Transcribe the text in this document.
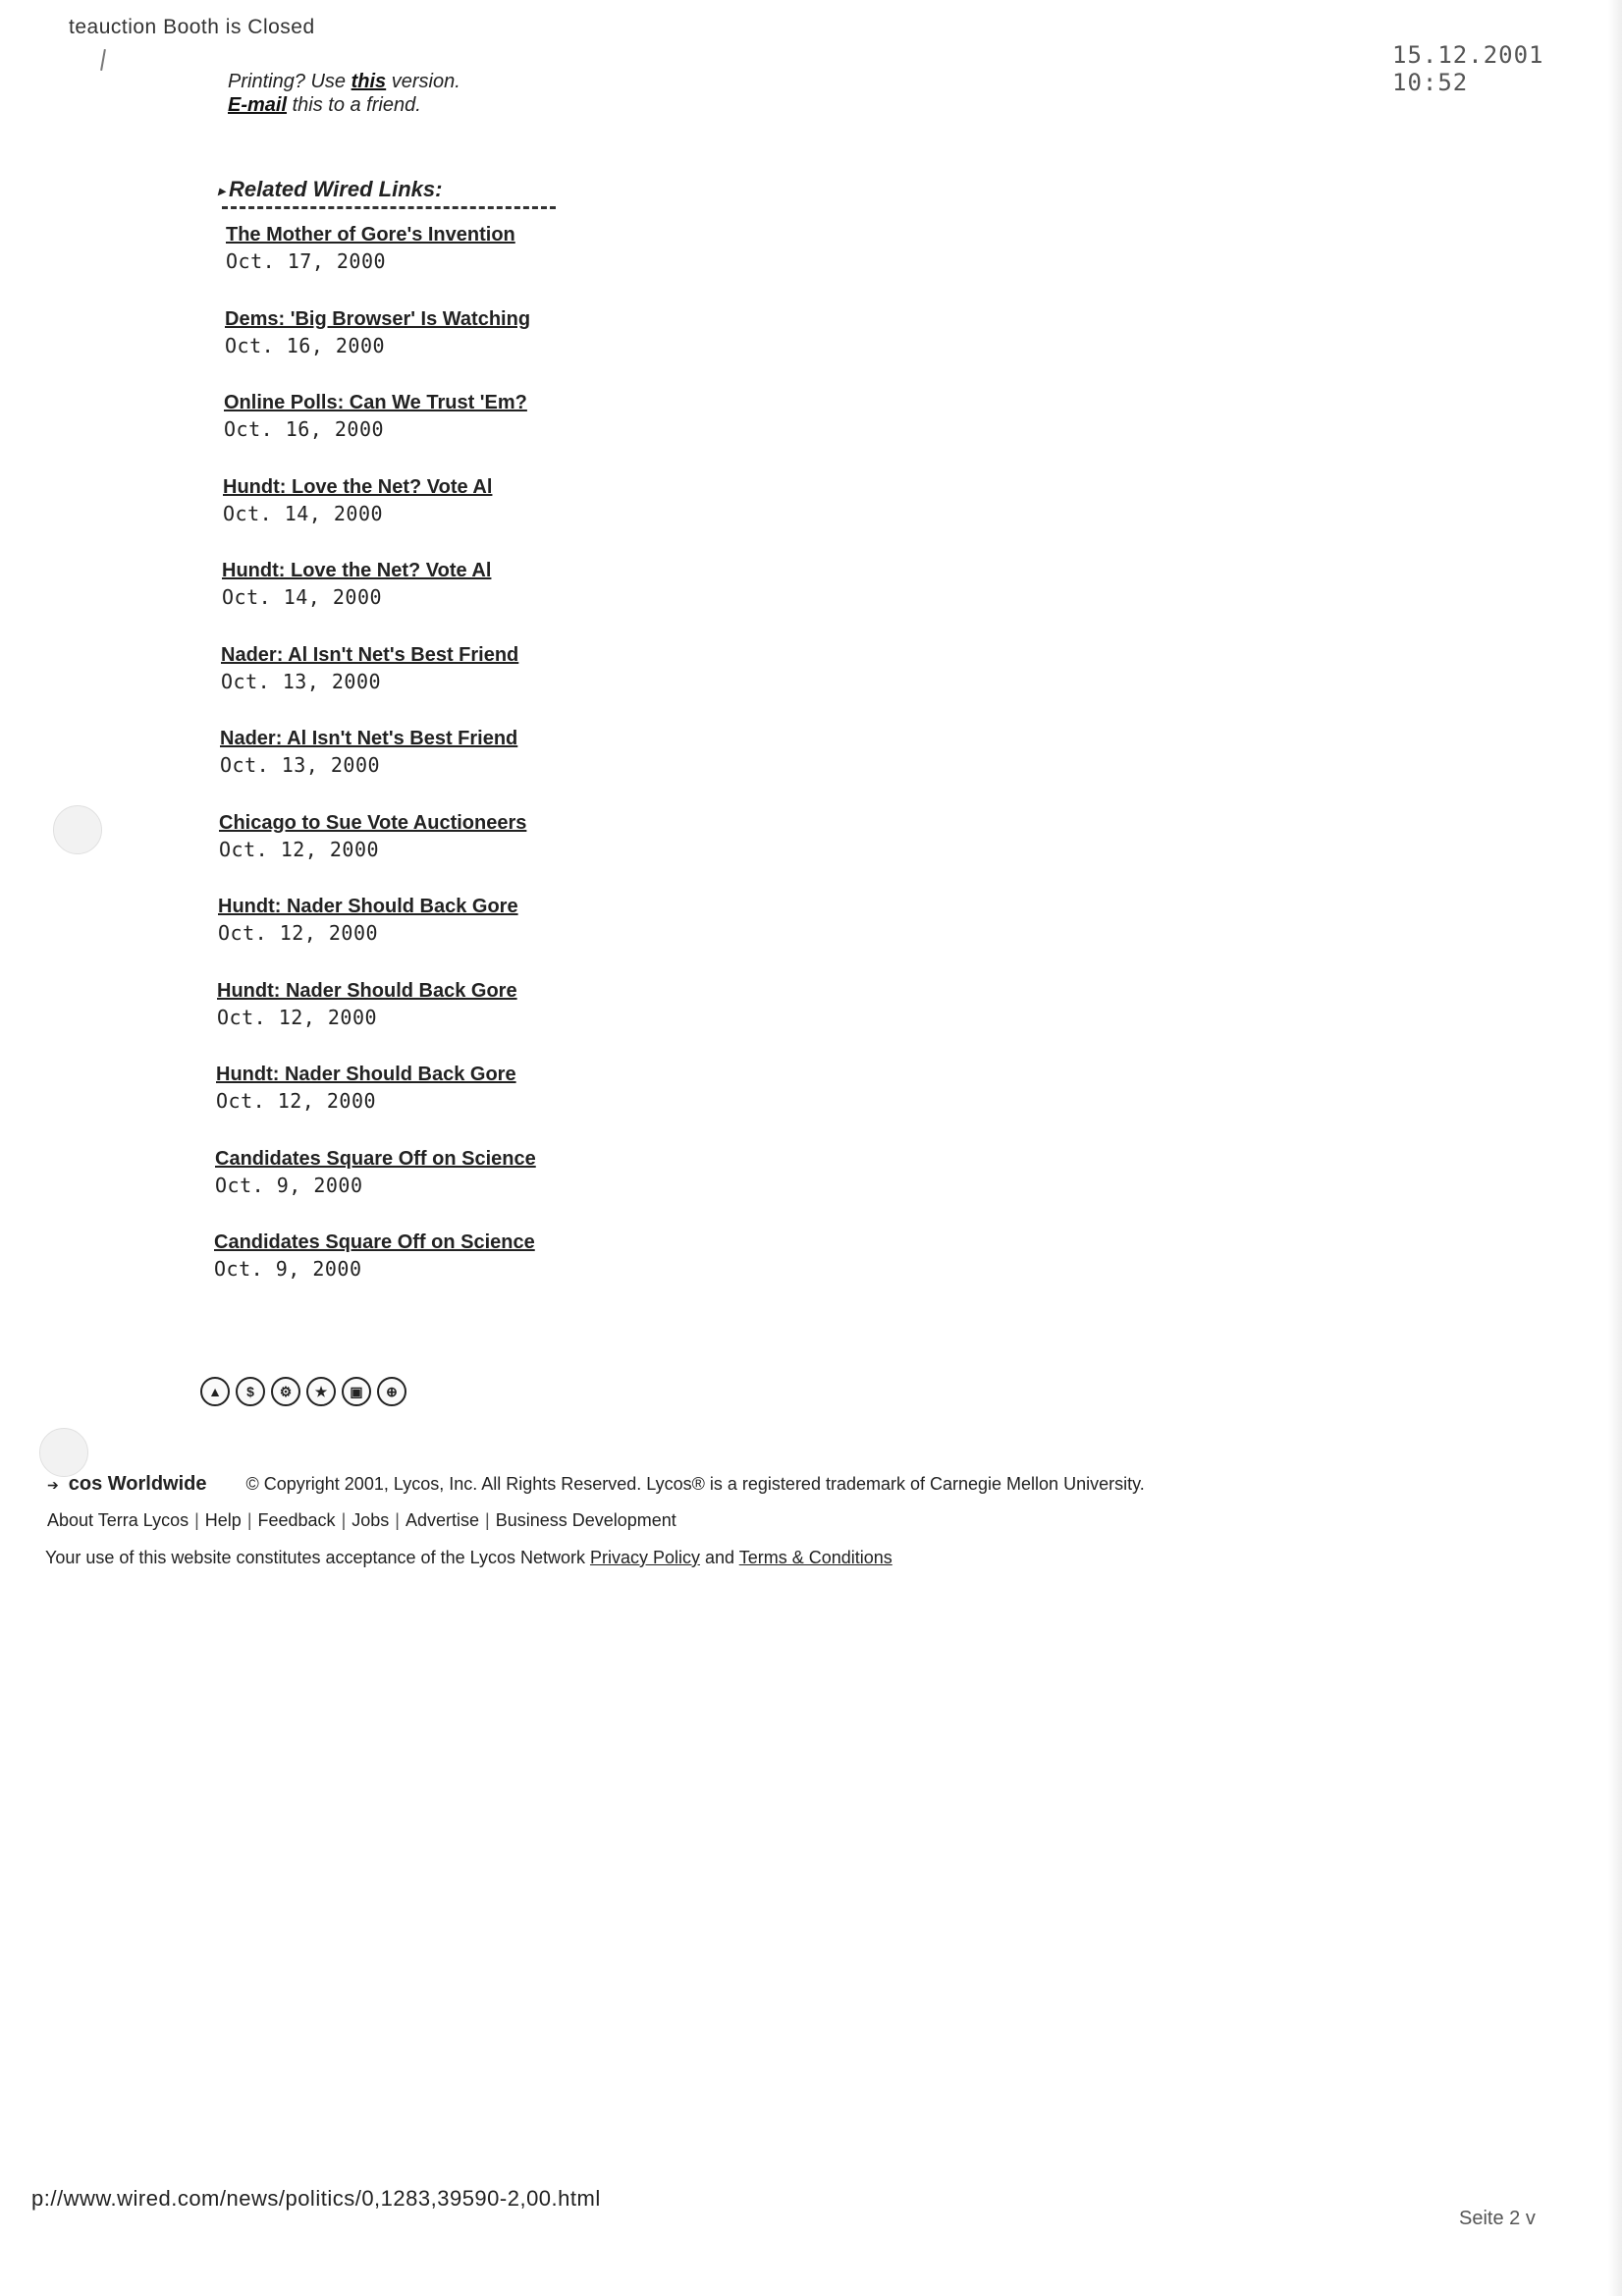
teauction Booth is Closed
15.12.2001 10:52
Printing? Use this version.
E-mail this to a friend.
▸ Related Wired Links:
The Mother of Gore's Invention
Oct. 17, 2000
Dems: 'Big Browser' Is Watching
Oct. 16, 2000
Online Polls: Can We Trust 'Em?
Oct. 16, 2000
Hundt: Love the Net? Vote Al
Oct. 14, 2000
Hundt: Love the Net? Vote Al
Oct. 14, 2000
Nader: Al Isn't Net's Best Friend
Oct. 13, 2000
Nader: Al Isn't Net's Best Friend
Oct. 13, 2000
Chicago to Sue Vote Auctioneers
Oct. 12, 2000
Hundt: Nader Should Back Gore
Oct. 12, 2000
Hundt: Nader Should Back Gore
Oct. 12, 2000
Hundt: Nader Should Back Gore
Oct. 12, 2000
Candidates Square Off on Science
Oct. 9, 2000
Candidates Square Off on Science
Oct. 9, 2000
▲	$	⚙	★	▣	⊕
➔ cos Worldwide © Copyright 2001, Lycos, Inc. All Rights Reserved. Lycos® is a registered trademark of Carnegie Mellon University.
About Terra Lycos | Help | Feedback | Jobs | Advertise | Business Development
Your use of this website constitutes acceptance of the Lycos Network Privacy Policy and Terms & Conditions
p://www.wired.com/news/politics/0,1283,39590-2,00.html
Seite 2 v
